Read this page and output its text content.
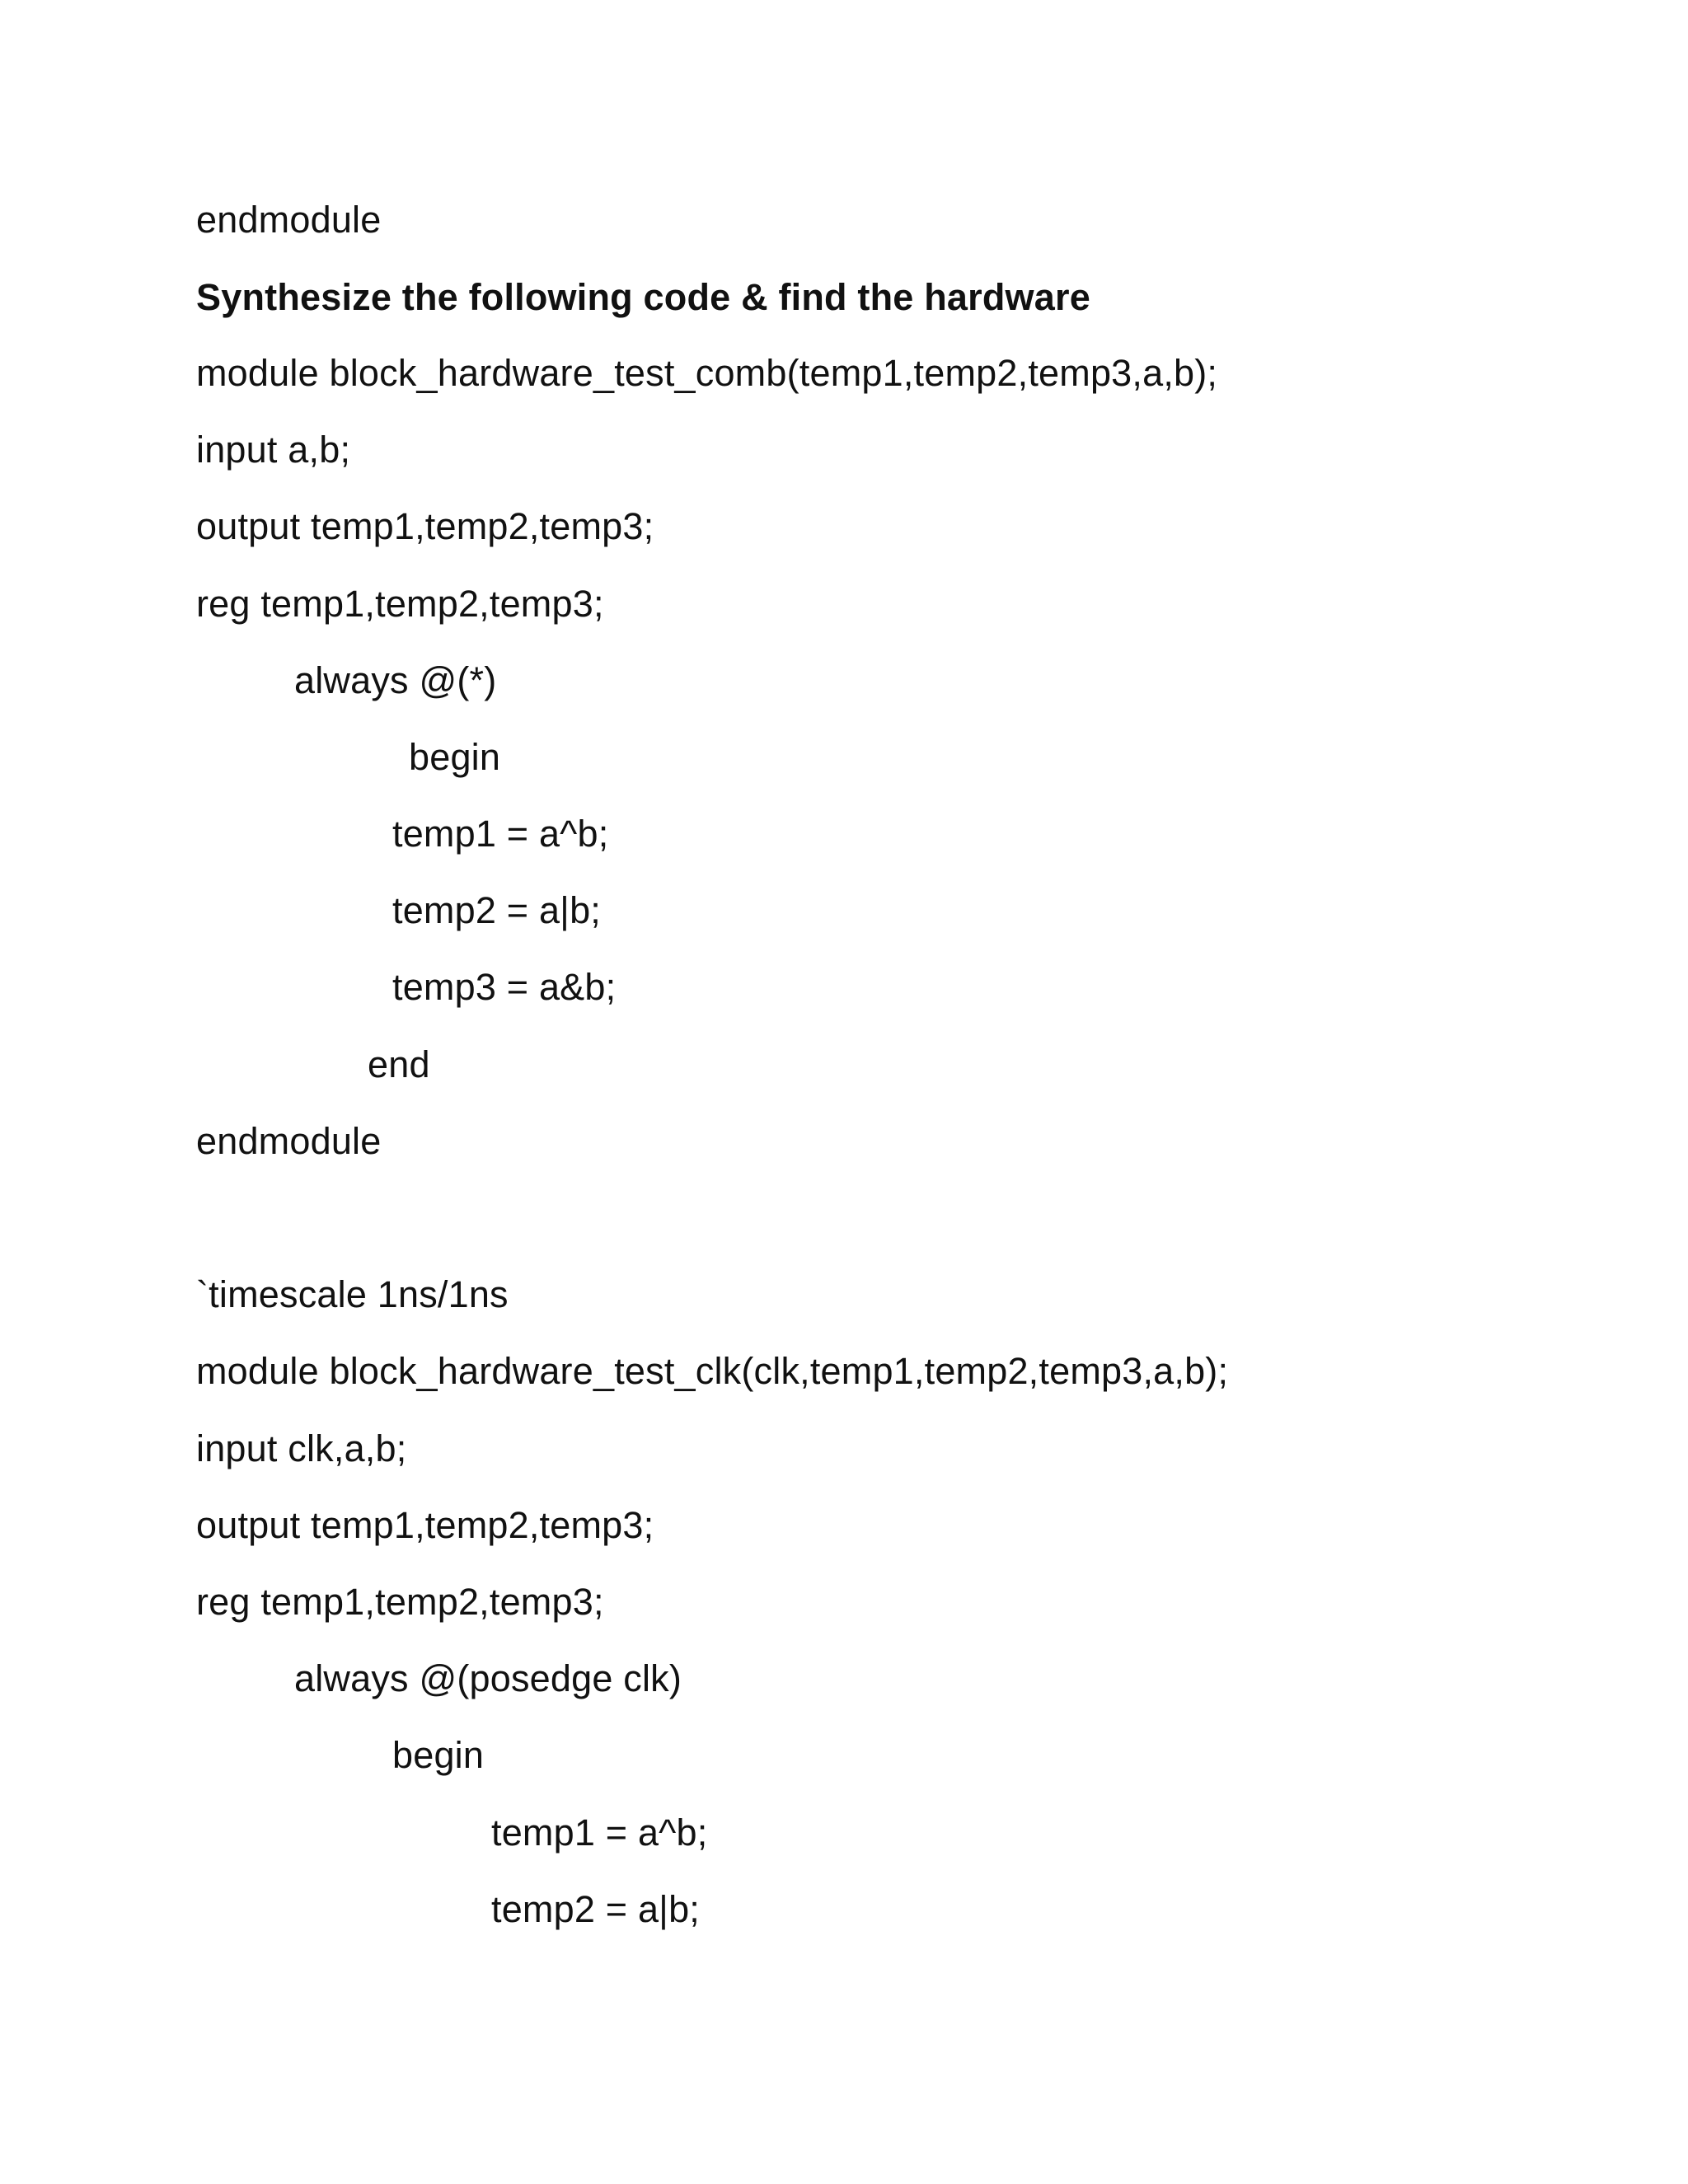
endmodule
Synthesize the following code & find the hardware
module block_hardware_test_comb(temp1,temp2,temp3,a,b);
input a,b;
output temp1,temp2,temp3;
reg temp1,temp2,temp3;
always @(*)
begin
temp1 = a^b;
temp2 = a|b;
temp3 = a&b;
end
endmodule
`timescale 1ns/1ns
module block_hardware_test_clk(clk,temp1,temp2,temp3,a,b);
input clk,a,b;
output temp1,temp2,temp3;
reg temp1,temp2,temp3;
always @(posedge clk)
begin
temp1 = a^b;
temp2 = a|b;
